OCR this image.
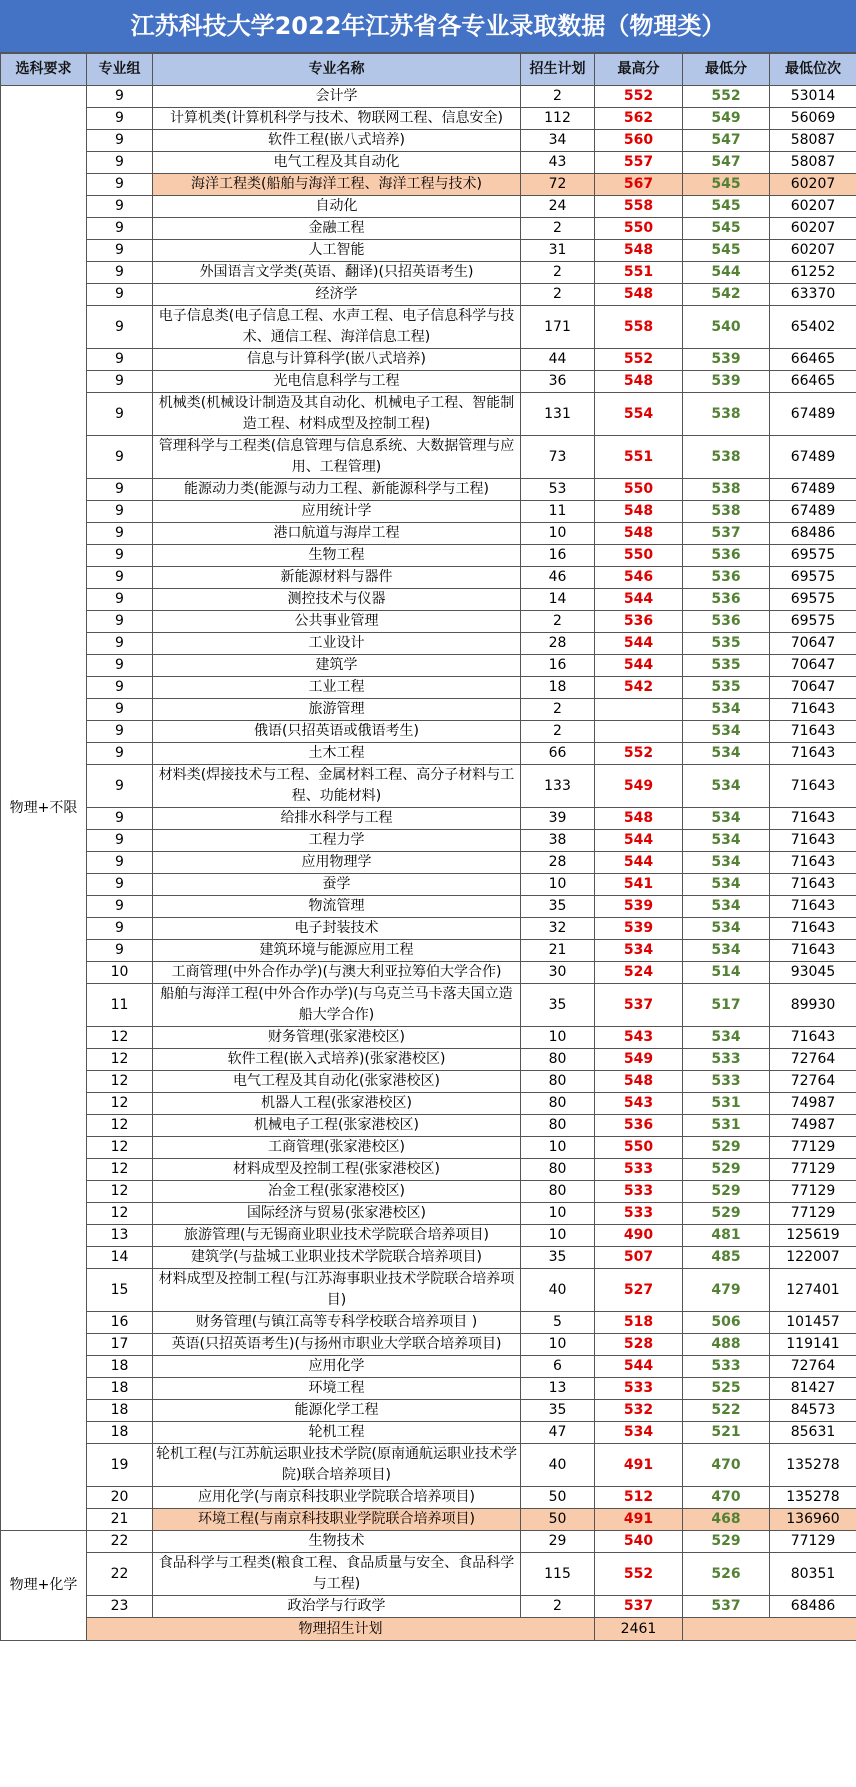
江苏科技大学2022年江苏省各专业录取数据（物理类）
选科要求	专业组	专业名称	招生计划	最高分	最低分	最低位次
物理+不限	9	会计学	2	552	552	53014
	9	计算机类(计算机科学与技术、物联网工程、信息安全)	112	562	549	56069
	9	软件工程(嵌八式培养)	34	560	547	58087
	9	电气工程及其自动化	43	557	547	58087
	9	海洋工程类(船舶与海洋工程、海洋工程与技术)	72	567	545	60207
	9	自动化	24	558	545	60207
	9	金融工程	2	550	545	60207
	9	人工智能	31	548	545	60207
	9	外国语言文学类(英语、翻译)(只招英语考生)	2	551	544	61252
	9	经济学	2	548	542	63370
	9	电子信息类(电子信息工程、水声工程、电子信息科学与技术、通信工程、海洋信息工程)	171	558	540	65402
	9	信息与计算科学(嵌八式培养)	44	552	539	66465
	9	光电信息科学与工程	36	548	539	66465
	9	机械类(机械设计制造及其自动化、机械电子工程、智能制造工程、材料成型及控制工程)	131	554	538	67489
	9	管理科学与工程类(信息管理与信息系统、大数据管理与应用、工程管理)	73	551	538	67489
	9	能源动力类(能源与动力工程、新能源科学与工程)	53	550	538	67489
	9	应用统计学	11	548	538	67489
	9	港口航道与海岸工程	10	548	537	68486
	9	生物工程	16	550	536	69575
	9	新能源材料与器件	46	546	536	69575
	9	测控技术与仪器	14	544	536	69575
	9	公共事业管理	2	536	536	69575
	9	工业设计	28	544	535	70647
	9	建筑学	16	544	535	70647
	9	工业工程	18	542	535	70647
	9	旅游管理	2		534	71643
	9	俄语(只招英语或俄语考生)	2		534	71643
	9	土木工程	66	552	534	71643
	9	材料类(焊接技术与工程、金属材料工程、高分子材料与工程、功能材料)	133	549	534	71643
	9	给排水科学与工程	39	548	534	71643
	9	工程力学	38	544	534	71643
	9	应用物理学	28	544	534	71643
	9	蚕学	10	541	534	71643
	9	物流管理	35	539	534	71643
	9	电子封装技术	32	539	534	71643
	9	建筑环境与能源应用工程	21	534	534	71643
	10	工商管理(中外合作办学)(与澳大利亚拉筹伯大学合作)	30	524	514	93045
	11	船舶与海洋工程(中外合作办学)(与乌克兰马卡落夫国立造船大学合作)	35	537	517	89930
	12	财务管理(张家港校区)	10	543	534	71643
	12	软件工程(嵌入式培养)(张家港校区)	80	549	533	72764
	12	电气工程及其自动化(张家港校区)	80	548	533	72764
	12	机器人工程(张家港校区)	80	543	531	74987
	12	机械电子工程(张家港校区)	80	536	531	74987
	12	工商管理(张家港校区)	10	550	529	77129
	12	材料成型及控制工程(张家港校区)	80	533	529	77129
	12	冶金工程(张家港校区)	80	533	529	77129
	12	国际经济与贸易(张家港校区)	10	533	529	77129
	13	旅游管理(与无锡商业职业技术学院联合培养项目)	10	490	481	125619
	14	建筑学(与盐城工业职业技术学院联合培养项目)	35	507	485	122007
	15	材料成型及控制工程(与江苏海事职业技术学院联合培养项目)	40	527	479	127401
	16	财务管理(与镇江高等专科学校联合培养项目 )	5	518	506	101457
	17	英语(只招英语考生)(与扬州市职业大学联合培养项目)	10	528	488	119141
	18	应用化学	6	544	533	72764
	18	环境工程	13	533	525	81427
	18	能源化学工程	35	532	522	84573
	18	轮机工程	47	534	521	85631
	19	轮机工程(与江苏航运职业技术学院(原南通航运职业技术学院)联合培养项目)	40	491	470	135278
	20	应用化学(与南京科技职业学院联合培养项目)	50	512	470	135278
	21	环境工程(与南京科技职业学院联合培养项目)	50	491	468	136960
物理+化学	22	生物技术	29	540	529	77129
	22	食品科学与工程类(粮食工程、食品质量与安全、食品科学与工程)	115	552	526	80351
	23	政治学与行政学	2	537	537	68486
	物理招生计划			2461		
